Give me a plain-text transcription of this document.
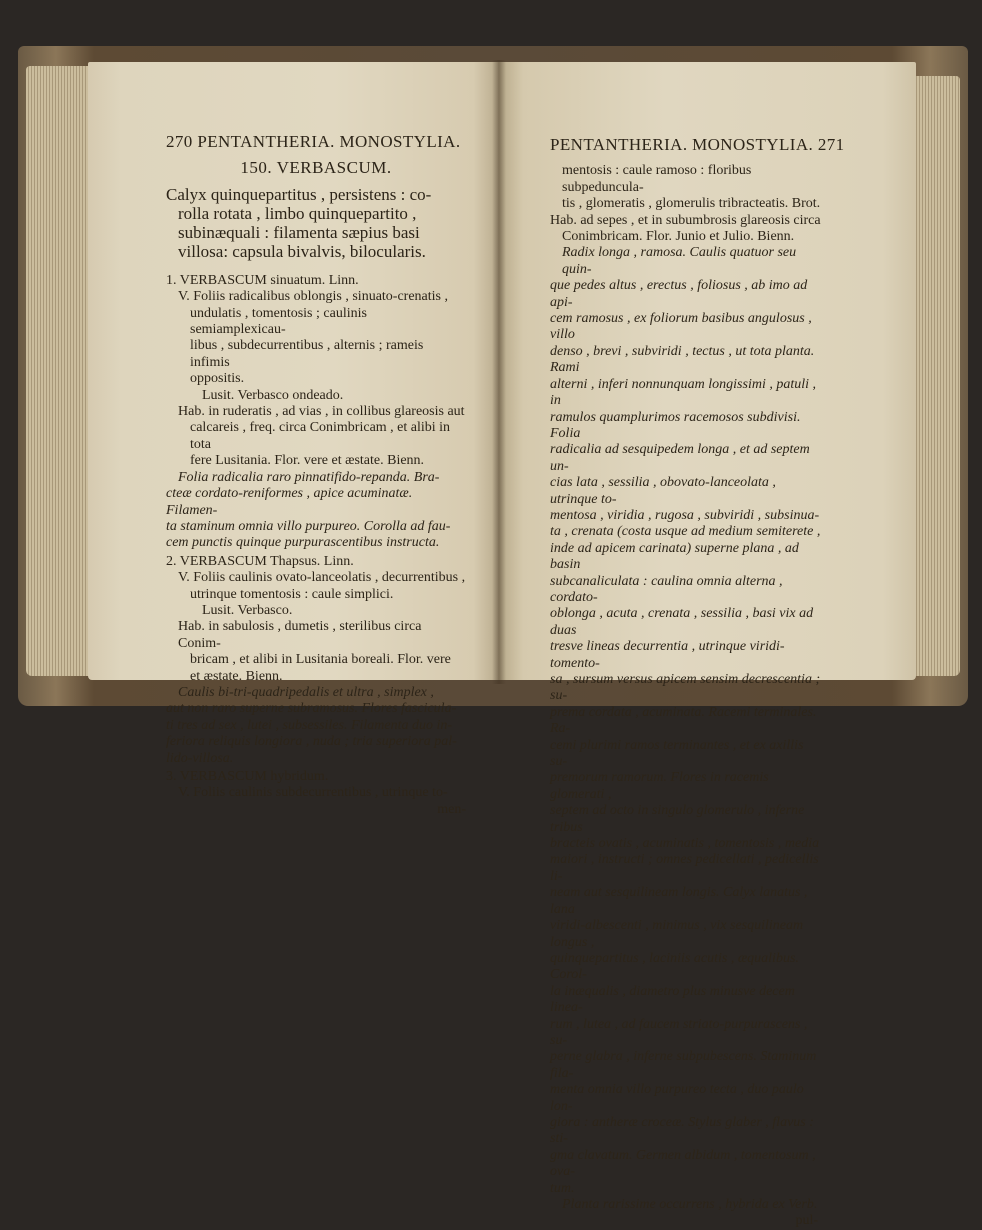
270 PENTANTHERIA. MONOSTYLIA.
150. VERBASCUM.

Calyx quinquepartitus , persistens : co-

rolla rotata , limbo quinquepartito ,

subinæquali : filamenta sæpius basi

villosa: capsula bivalvis, bilocularis.

1. VERBASCUM sinuatum. Linn.

V. Foliis radicalibus oblongis , sinuato-crenatis ,

undulatis , tomentosis ; caulinis semiamplexicau-

libus , subdecurrentibus , alternis ; rameis infimis

oppositis.

Lusit. Verbasco ondeado.

Hab. in ruderatis , ad vias , in collibus glareosis aut

calcareis , freq. circa Conimbricam , et alibi in tota

fere Lusitania. Flor. vere et æstate. Bienn.

Folia radicalia raro pinnatifido-repanda. Bra-

cteæ cordato-reniformes , apice acuminatæ. Filamen-

ta staminum omnia villo purpureo. Corolla ad fau-

cem punctis quinque purpurascentibus instructa.

2. VERBASCUM Thapsus. Linn.

V. Foliis caulinis ovato-lanceolatis , decurrentibus ,

utrinque tomentosis : caule simplici.

Lusit. Verbasco.

Hab. in sabulosis , dumetis , sterilibus circa Conim-

bricam , et alibi in Lusitania boreali. Flor. vere

et æstate. Bienn.

Caulis bi-tri-quadripedalis et ultra , simplex ,

aut non raro superne subramosus. Flores fascicula-

ti tres ad sex , lutei , subsessiles. Filamenta duo in-

feriora reliquis longiora , nuda ; tria superiora pal-

lido-villosa.

3. VERBASCUM hybridum.

V. Foliis caulinis subdecurrentibus , utrinque to-

men-

PENTANTHERIA. MONOSTYLIA. 271

mentosis : caule ramoso : floribus subpeduncula-

tis , glomeratis , glomerulis tribracteatis. Brot.

Hab. ad sepes , et in subumbrosis glareosis circa

Conimbricam. Flor. Junio et Julio. Bienn.

Radix longa , ramosa. Caulis quatuor seu quin-

que pedes altus , erectus , foliosus , ab imo ad api-

cem ramosus , ex foliorum basibus angulosus , villo

denso , brevi , subviridi , tectus , ut tota planta. Rami

alterni , inferi nonnunquam longissimi , patuli , in

ramulos quamplurimos racemosos subdivisi. Folia

radicalia ad sesquipedem longa , et ad septem un-

cias lata , sessilia , obovato-lanceolata , utrinque to-

mentosa , viridia , rugosa , subviridi , subsinua-

ta , crenata (costa usque ad medium semiterete ,

inde ad apicem carinata) superne plana , ad basin

subcanaliculata : caulina omnia alterna , cordato-

oblonga , acuta , crenata , sessilia , basi vix ad duas

tresve lineas decurrentia , utrinque viridi-tomento-

sa , sursum versus apicem sensim decrescentia ; su-

prema cordata , acuminata. Racemi terminales. Ra-

cemi plurimi ramos terminantes , et ex axillis su-

premorum ramorum. Flores in racemis glomerati ,

septem ad octo in singulo glomerulo , inferne tribus

bracteis ovatis , acuminatis , tomentosis , media

maiori , instructi ; omnes pedicellati , pedicellis li-

neam aut sesquilineam longis. Calyx lanatus , lana

viridi-albescenti , minimus , vix sesquilineam longus ,

quinquepartitus , laciniis acutis , æqualibus. Corol-

la inæqualis , diametro plus minusve decem linea-

rum , lutea , ad faucem striato-purpurascens , su-

perne glabra , inferne subpubescens. Staminum fila-

menta omnia villo purpureo tecta , duo paulo lon-

giora : antheræ croceæ. Stylus glaber , flavus : sti-

gma clavatum. Germen albidum , tomentosum , ova-

tum.

Planta rarissime occurrens , hybrida ex Verb.

pul-
